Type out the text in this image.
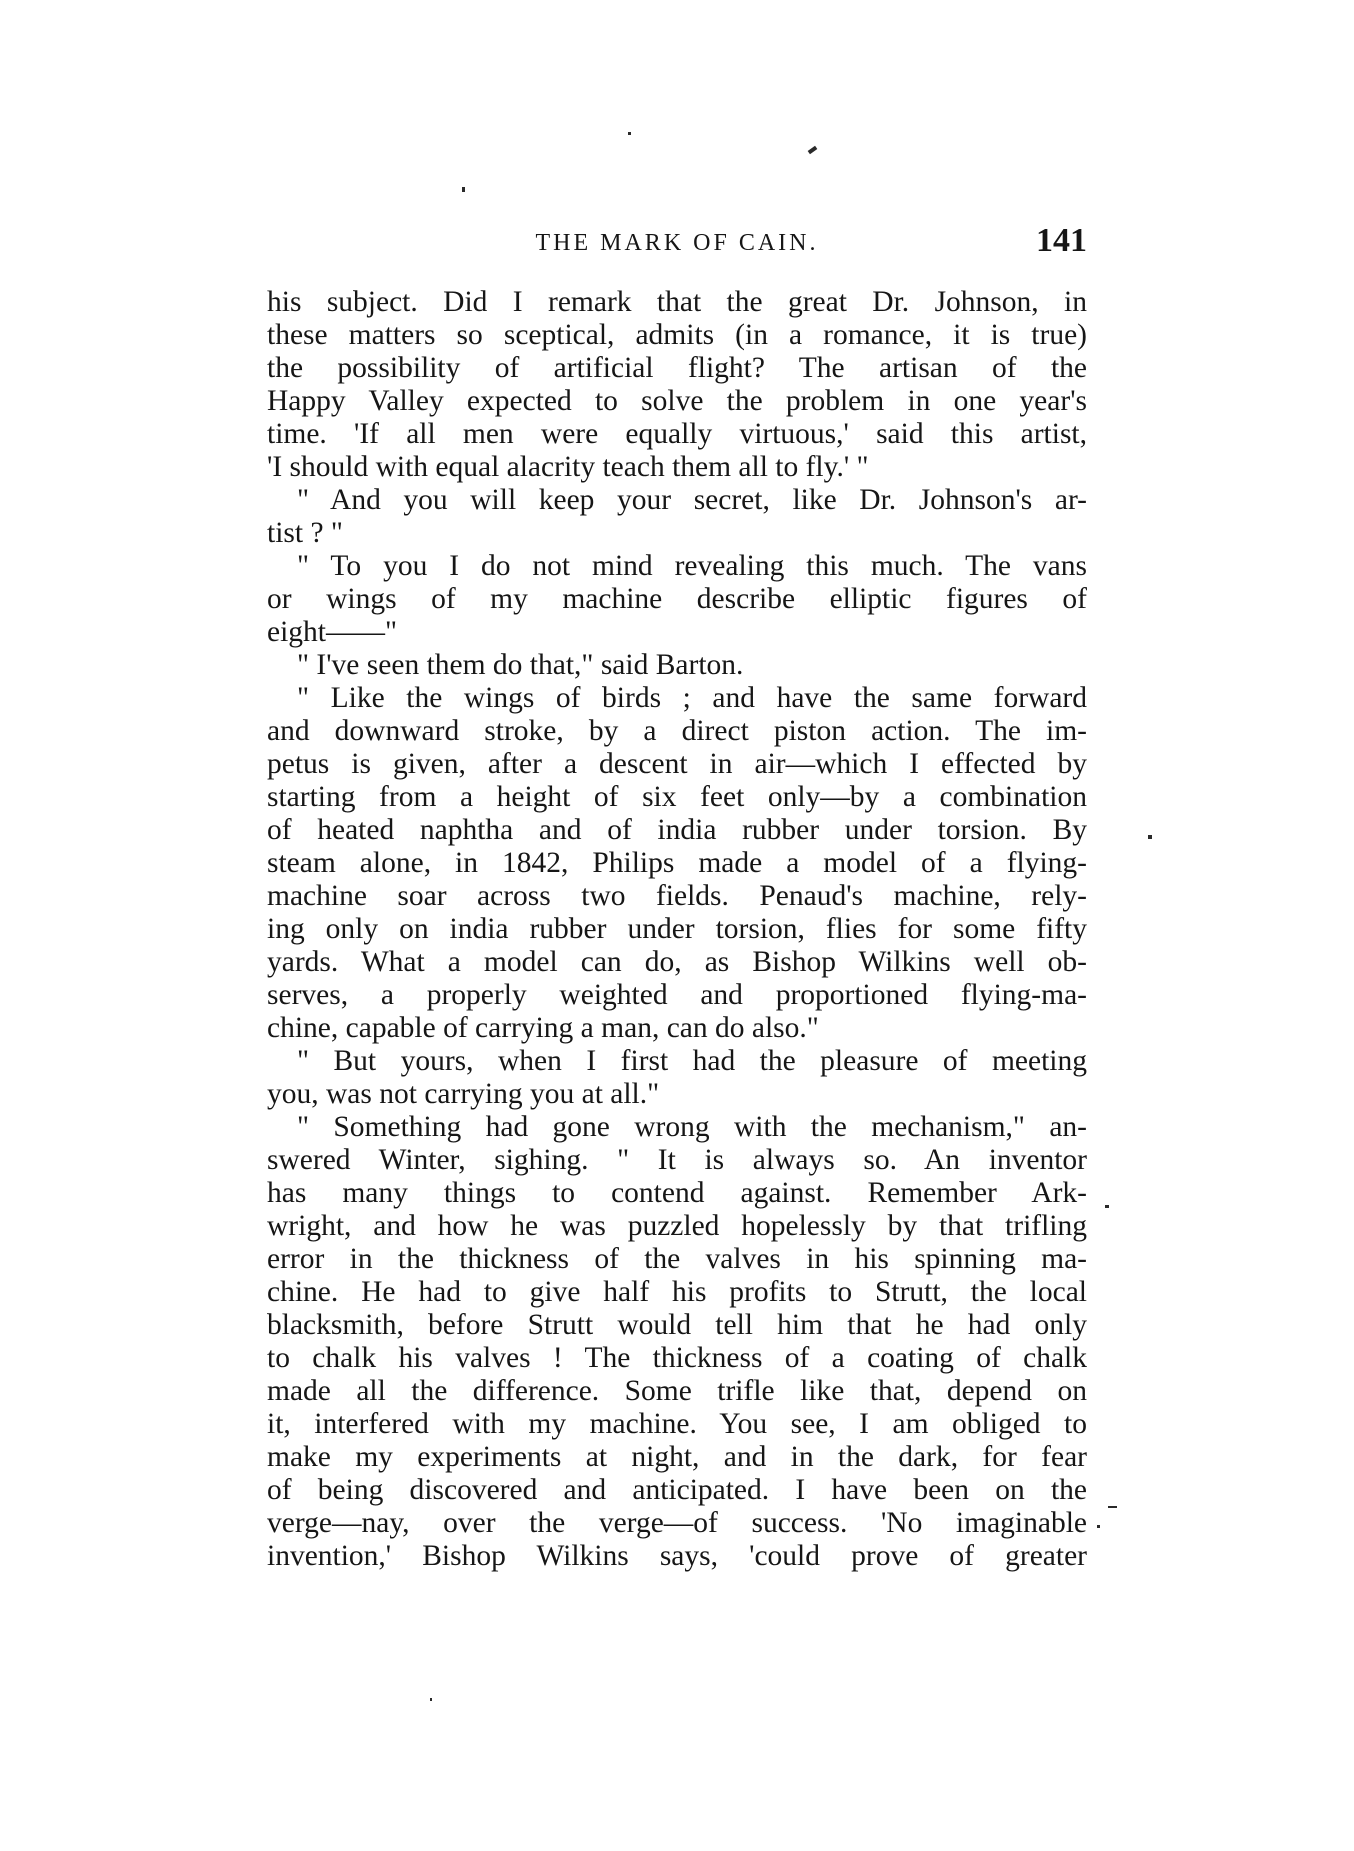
THE MARK OF CAIN.	141
his subject. Did I remark that the great Dr. Johnson, in
these matters so sceptical, admits (in a romance, it is true)
the possibility of artificial flight? The artisan of the
Happy Valley expected to solve the problem in one year's
time. 'If all men were equally virtuous,' said this artist,
'I should with equal alacrity teach them all to fly.' "
" And you will keep your secret, like Dr. Johnson's ar-
tist ? "
" To you I do not mind revealing this much. The vans
or wings of my machine describe elliptic figures of
eight——"
" I've seen them do that," said Barton.
" Like the wings of birds ; and have the same forward
and downward stroke, by a direct piston action. The im-
petus is given, after a descent in air—which I effected by
starting from a height of six feet only—by a combination
of heated naphtha and of india rubber under torsion. By
steam alone, in 1842, Philips made a model of a flying-
machine soar across two fields. Penaud's machine, rely-
ing only on india rubber under torsion, flies for some fifty
yards. What a model can do, as Bishop Wilkins well ob-
serves, a properly weighted and proportioned flying-ma-
chine, capable of carrying a man, can do also."
" But yours, when I first had the pleasure of meeting
you, was not carrying you at all."
" Something had gone wrong with the mechanism," an-
swered Winter, sighing. " It is always so. An inventor
has many things to contend against. Remember Ark-
wright, and how he was puzzled hopelessly by that trifling
error in the thickness of the valves in his spinning ma-
chine. He had to give half his profits to Strutt, the local
blacksmith, before Strutt would tell him that he had only
to chalk his valves ! The thickness of a coating of chalk
made all the difference. Some trifle like that, depend on
it, interfered with my machine. You see, I am obliged to
make my experiments at night, and in the dark, for fear
of being discovered and anticipated. I have been on the
verge—nay, over the verge—of success. 'No imaginable
invention,' Bishop Wilkins says, 'could prove of greater
